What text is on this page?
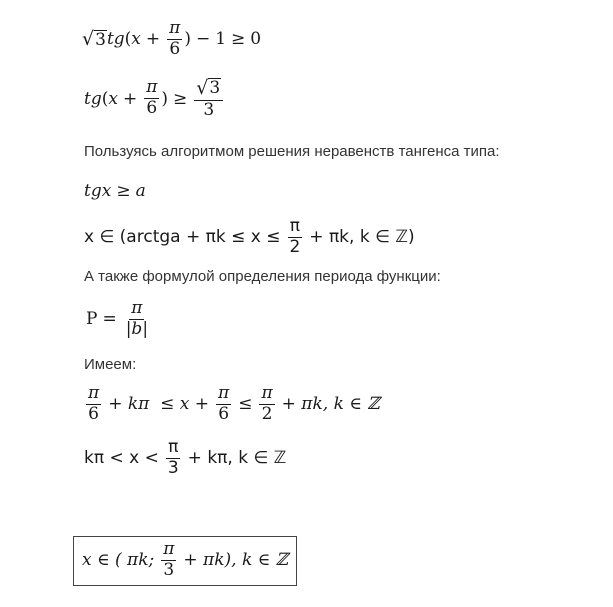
√ 3 tg ( $x + \frac{\pi}{6}$ ) − 1 ≥ 0
tg ( $x + \frac{\pi}{6}$ ) ≥ $\frac{√ 3}{3}$
Пользуясь алгоритмом решения неравенств тангенса типа:
tg x ≥ a
x ∈ (arctga + $\pi k \le x \le \frac{\pi}{2} + \pi k$, k ∈ ℤ)
А также формулой определения периода функции:
$P = \frac{\pi}{|b|}$
Имеем:
$\frac{\pi}{6} + k\pi \le x + \frac{\pi}{6} \le \frac{\pi}{2} + \pi k$, k ∈ ℤ
$k\pi < x < \frac{\pi}{3} + k\pi$, k ∈ ℤ
x ∈ ( πk; $\frac{\pi}{3} + \pi k$), k ∈ ℤ
